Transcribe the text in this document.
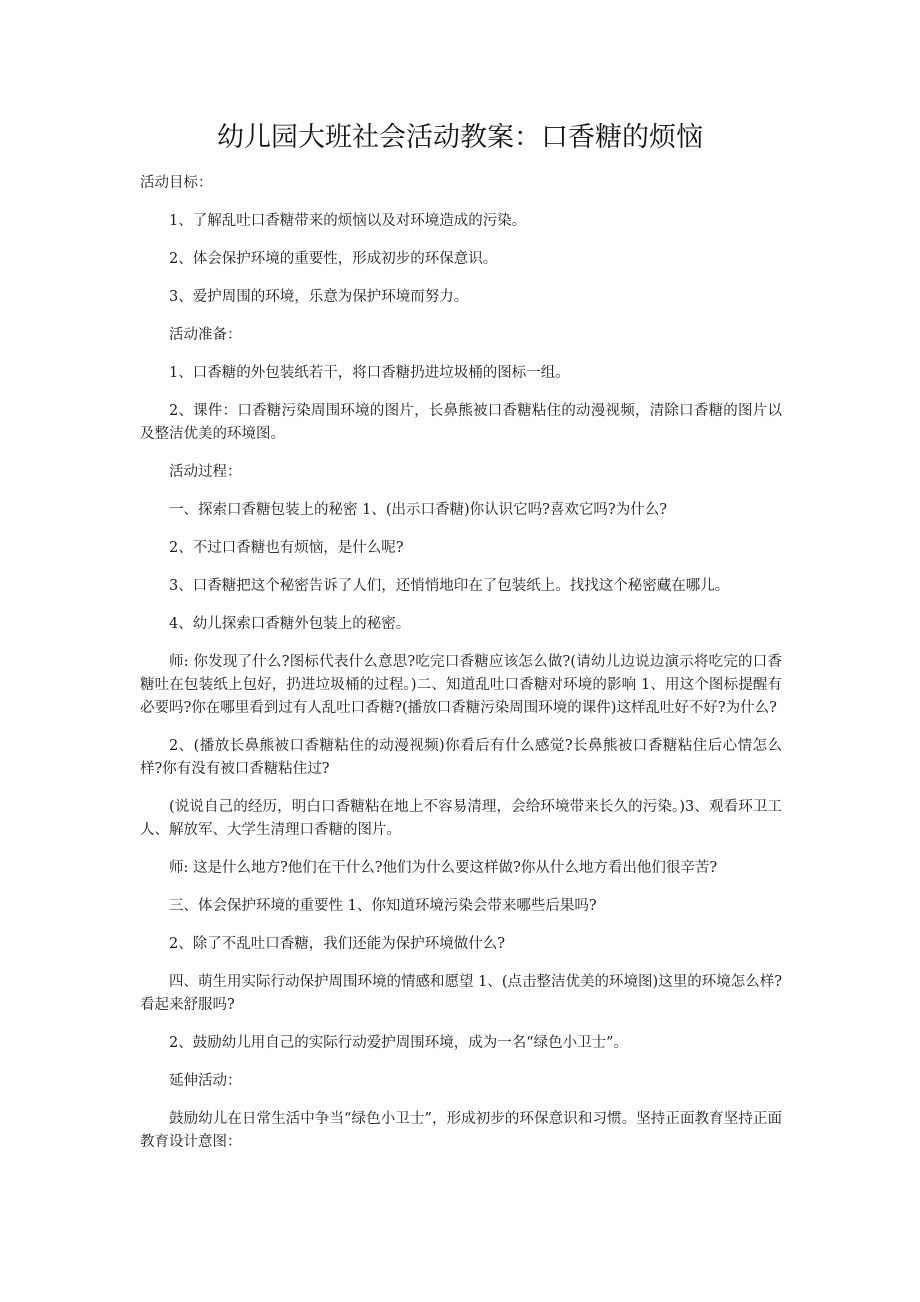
幼儿园大班社会活动教案：口香糖的烦恼

活动目标：

1、了解乱吐口香糖带来的烦恼以及对环境造成的污染。

2、体会保护环境的重要性，形成初步的环保意识。

3、爱护周围的环境，乐意为保护环境而努力。

活动准备：

1、口香糖的外包装纸若干，将口香糖扔进垃圾桶的图标一组。

2、课件：口香糖污染周围环境的图片，长鼻熊被口香糖粘住的动漫视频，清除口香糖的图片以及整洁优美的环境图。

活动过程：

一、探索口香糖包装上的秘密 1、(出示口香糖)你认识它吗?喜欢它吗?为什么?

2、不过口香糖也有烦恼，是什么呢?

3、口香糖把这个秘密告诉了人们，还悄悄地印在了包装纸上。找找这个秘密藏在哪儿。

4、幼儿探索口香糖外包装上的秘密。

师: 你发现了什么?图标代表什么意思?吃完口香糖应该怎么做?(请幼儿边说边演示将吃完的口香糖吐在包装纸上包好，扔进垃圾桶的过程。)二、知道乱吐口香糖对环境的影响 1、用这个图标提醒有必要吗?你在哪里看到过有人乱吐口香糖?(播放口香糖污染周围环境的课件)这样乱吐好不好?为什么?

2、(播放长鼻熊被口香糖粘住的动漫视频)你看后有什么感觉?长鼻熊被口香糖粘住后心情怎么样?你有没有被口香糖粘住过?

(说说自己的经历，明白口香糖粘在地上不容易清理，会给环境带来长久的污染。)3、观看环卫工人、解放军、大学生清理口香糖的图片。

师: 这是什么地方?他们在干什么?他们为什么要这样做?你从什么地方看出他们很辛苦?

三、体会保护环境的重要性 1、你知道环境污染会带来哪些后果吗?

2、除了不乱吐口香糖，我们还能为保护环境做什么?

四、萌生用实际行动保护周围环境的情感和愿望 1、(点击整洁优美的环境图)这里的环境怎么样?看起来舒服吗?

2、鼓励幼儿用自己的实际行动爱护周围环境，成为一名“绿色小卫士”。

延伸活动：

鼓励幼儿在日常生活中争当“绿色小卫士”，形成初步的环保意识和习惯。坚持正面教育坚持正面教育设计意图：
